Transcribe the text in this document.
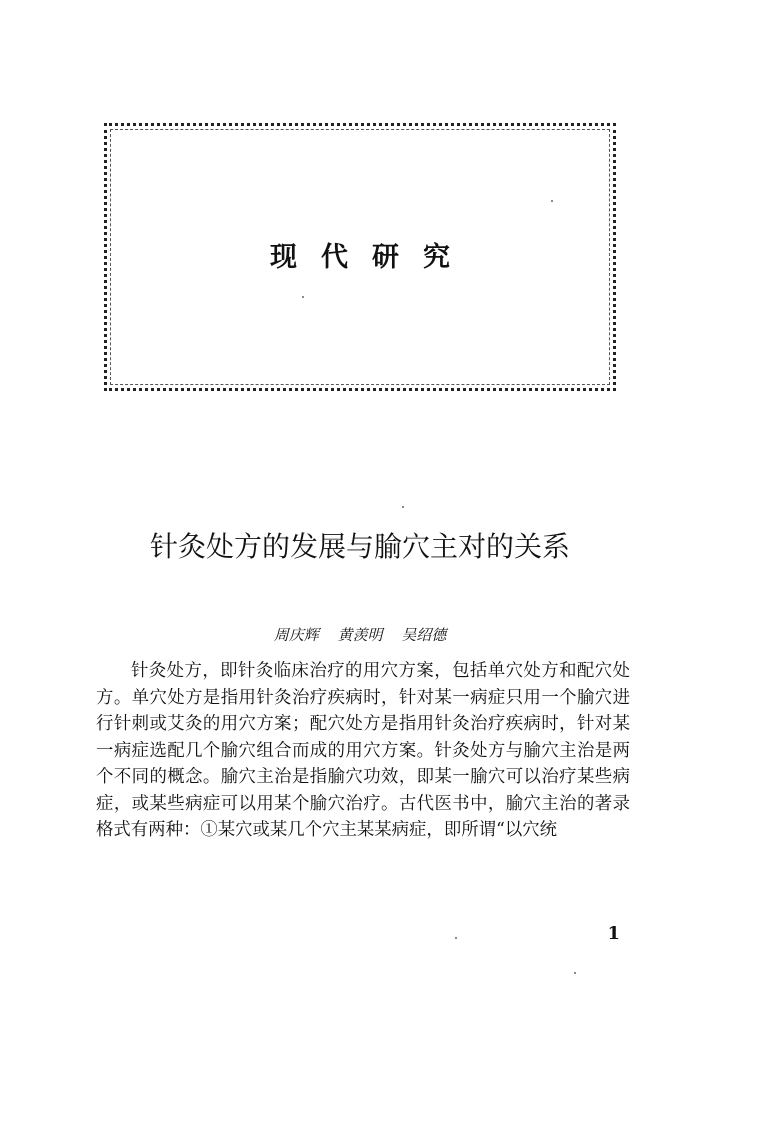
现代研究
针灸处方的发展与腧穴主对的关系
周庆辉 黄羡明 吴绍德

针灸处方，即针灸临床治疗的用穴方案，包括单穴处方和配穴处方。单穴处方是指用针灸治疗疾病时，针对某一病症只用一个腧穴进行针刺或艾灸的用穴方案；配穴处方是指用针灸治疗疾病时，针对某一病症选配几个腧穴组合而成的用穴方案。针灸处方与腧穴主治是两个不同的概念。腧穴主治是指腧穴功效，即某一腧穴可以治疗某些病症，或某些病症可以用某个腧穴治疗。古代医书中，腧穴主治的著录格式有两种：①某穴或某几个穴主某某病症，即所谓“以穴统

1
